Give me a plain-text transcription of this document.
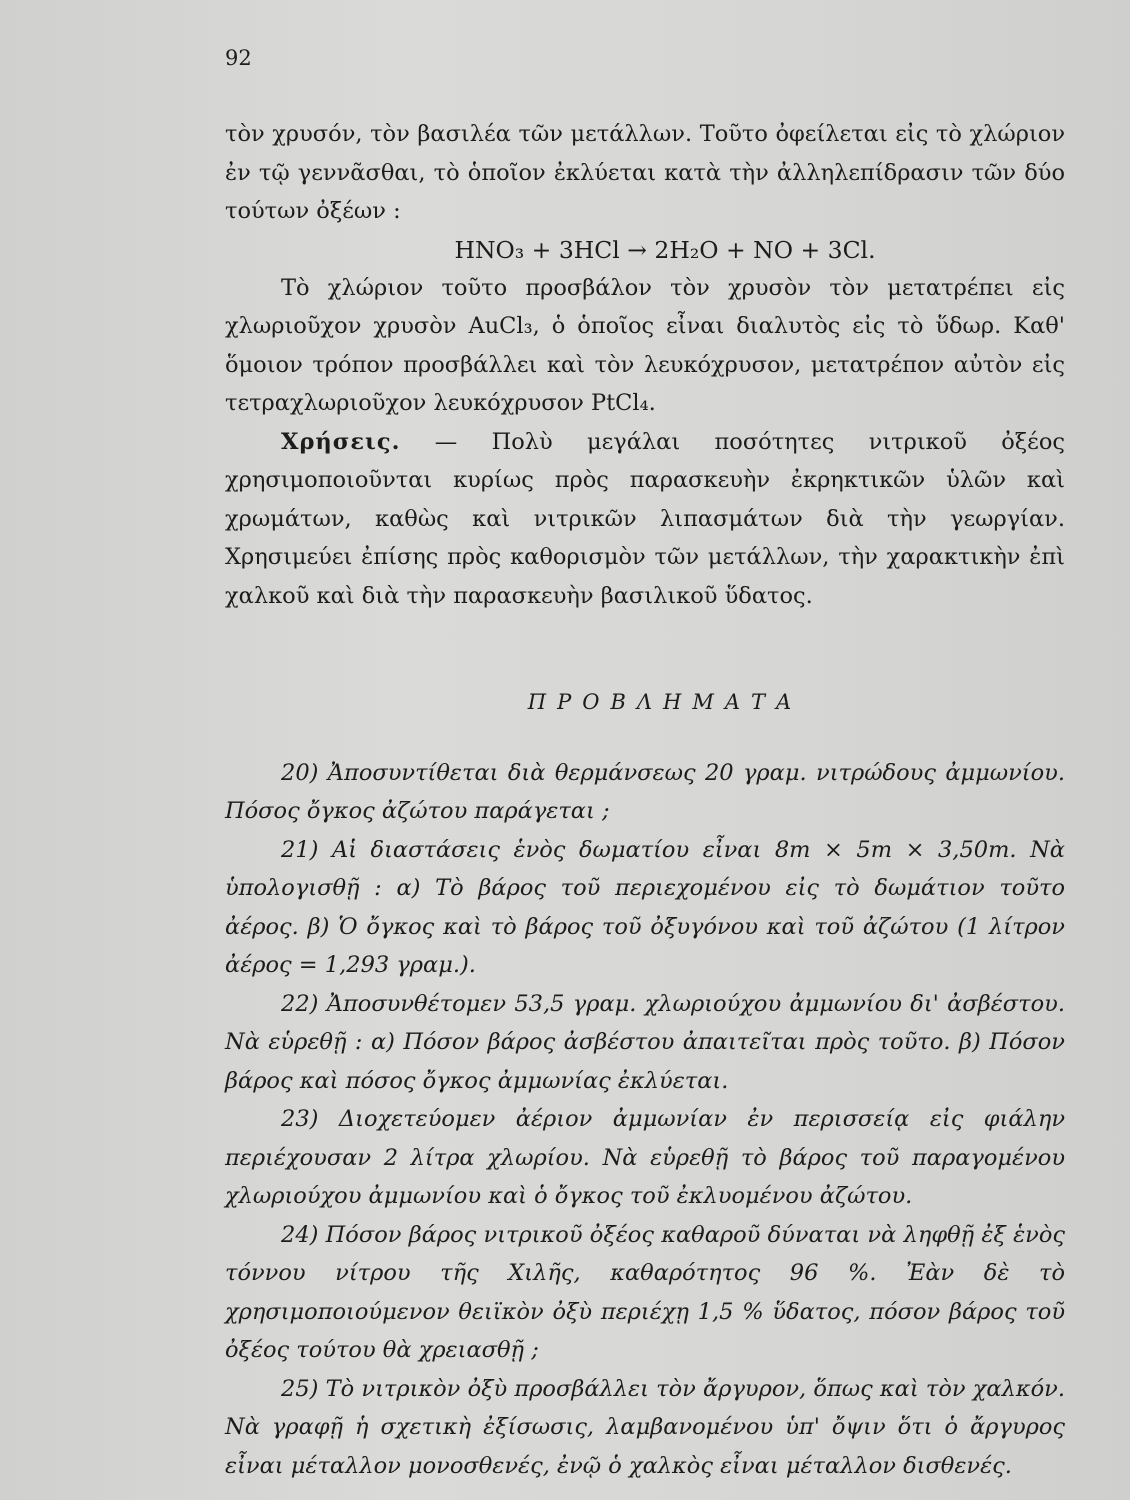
92

τὸν χρυσόν, τὸν βασιλέα τῶν μετάλλων. Τοῦτο ὀφείλεται εἰς τὸ χλώριον ἐν τῷ γεννᾶσθαι, τὸ ὁποῖον ἐκλύεται κατὰ τὴν ἀλληλεπίδρασιν τῶν δύο τούτων ὀξέων :

HNO₃ + 3HCl → 2H₂O + NO + 3Cl.

Τὸ χλώριον τοῦτο προσβάλον τὸν χρυσὸν τὸν μετατρέπει εἰς χλωριοῦχον χρυσὸν AuCl₃, ὁ ὁποῖος εἶναι διαλυτὸς εἰς τὸ ὕδωρ. Καθ' ὅμοιον τρόπον προσβάλλει καὶ τὸν λευκόχρυσον, μετατρέπον αὐτὸν εἰς τετραχλωριοῦχον λευκόχρυσον PtCl₄.

Χρήσεις. — Πολὺ μεγάλαι ποσότητες νιτρικοῦ ὀξέος χρησιμοποιοῦνται κυρίως πρὸς παρασκευὴν ἐκρηκτικῶν ὑλῶν καὶ χρωμάτων, καθὼς καὶ νιτρικῶν λιπασμάτων διὰ τὴν γεωργίαν. Χρησιμεύει ἐπίσης πρὸς καθορισμὸν τῶν μετάλλων, τὴν χαρακτικὴν ἐπὶ χαλκοῦ καὶ διὰ τὴν παρασκευὴν βασιλικοῦ ὕδατος.

ΠΡΟΒΛΗΜΑΤΑ

20) Ἀποσυντίθεται διὰ θερμάνσεως 20 γραμ. νιτρώδους ἀμμωνίου. Πόσος ὄγκος ἀζώτου παράγεται ;

21) Αἱ διαστάσεις ἑνὸς δωματίου εἶναι 8m × 5m × 3,50m. Νὰ ὑπολογισθῇ : α) Τὸ βάρος τοῦ περιεχομένου εἰς τὸ δωμάτιον τοῦτο ἀέρος. β) Ὁ ὄγκος καὶ τὸ βάρος τοῦ ὀξυγόνου καὶ τοῦ ἀζώτου (1 λίτρον ἀέρος = 1,293 γραμ.).

22) Ἀποσυνθέτομεν 53,5 γραμ. χλωριούχου ἀμμωνίου δι' ἀσβέστου. Νὰ εὑρεθῇ : α) Πόσον βάρος ἀσβέστου ἀπαιτεῖται πρὸς τοῦτο. β) Πόσον βάρος καὶ πόσος ὄγκος ἀμμωνίας ἐκλύεται.

23) Διοχετεύομεν ἀέριον ἀμμωνίαν ἐν περισσείᾳ εἰς φιάλην περιέχουσαν 2 λίτρα χλωρίου. Νὰ εὑρεθῇ τὸ βάρος τοῦ παραγομένου χλωριούχου ἀμμωνίου καὶ ὁ ὄγκος τοῦ ἐκλυομένου ἀζώτου.

24) Πόσον βάρος νιτρικοῦ ὀξέος καθαροῦ δύναται νὰ ληφθῇ ἐξ ἑνὸς τόννου νίτρου τῆς Χιλῆς, καθαρότητος 96 %. Ἐὰν δὲ τὸ χρησιμοποιούμενον θειϊκὸν ὀξὺ περιέχῃ 1,5 % ὕδατος, πόσον βάρος τοῦ ὀξέος τούτου θὰ χρειασθῇ ;

25) Τὸ νιτρικὸν ὀξὺ προσβάλλει τὸν ἄργυρον, ὅπως καὶ τὸν χαλκόν. Νὰ γραφῇ ἡ σχετικὴ ἐξίσωσις, λαμβανομένου ὑπ' ὄψιν ὅτι ὁ ἄργυρος εἶναι μέταλλον μονοσθενές, ἐνῷ ὁ χαλκὸς εἶναι μέταλλον δισθενές.
